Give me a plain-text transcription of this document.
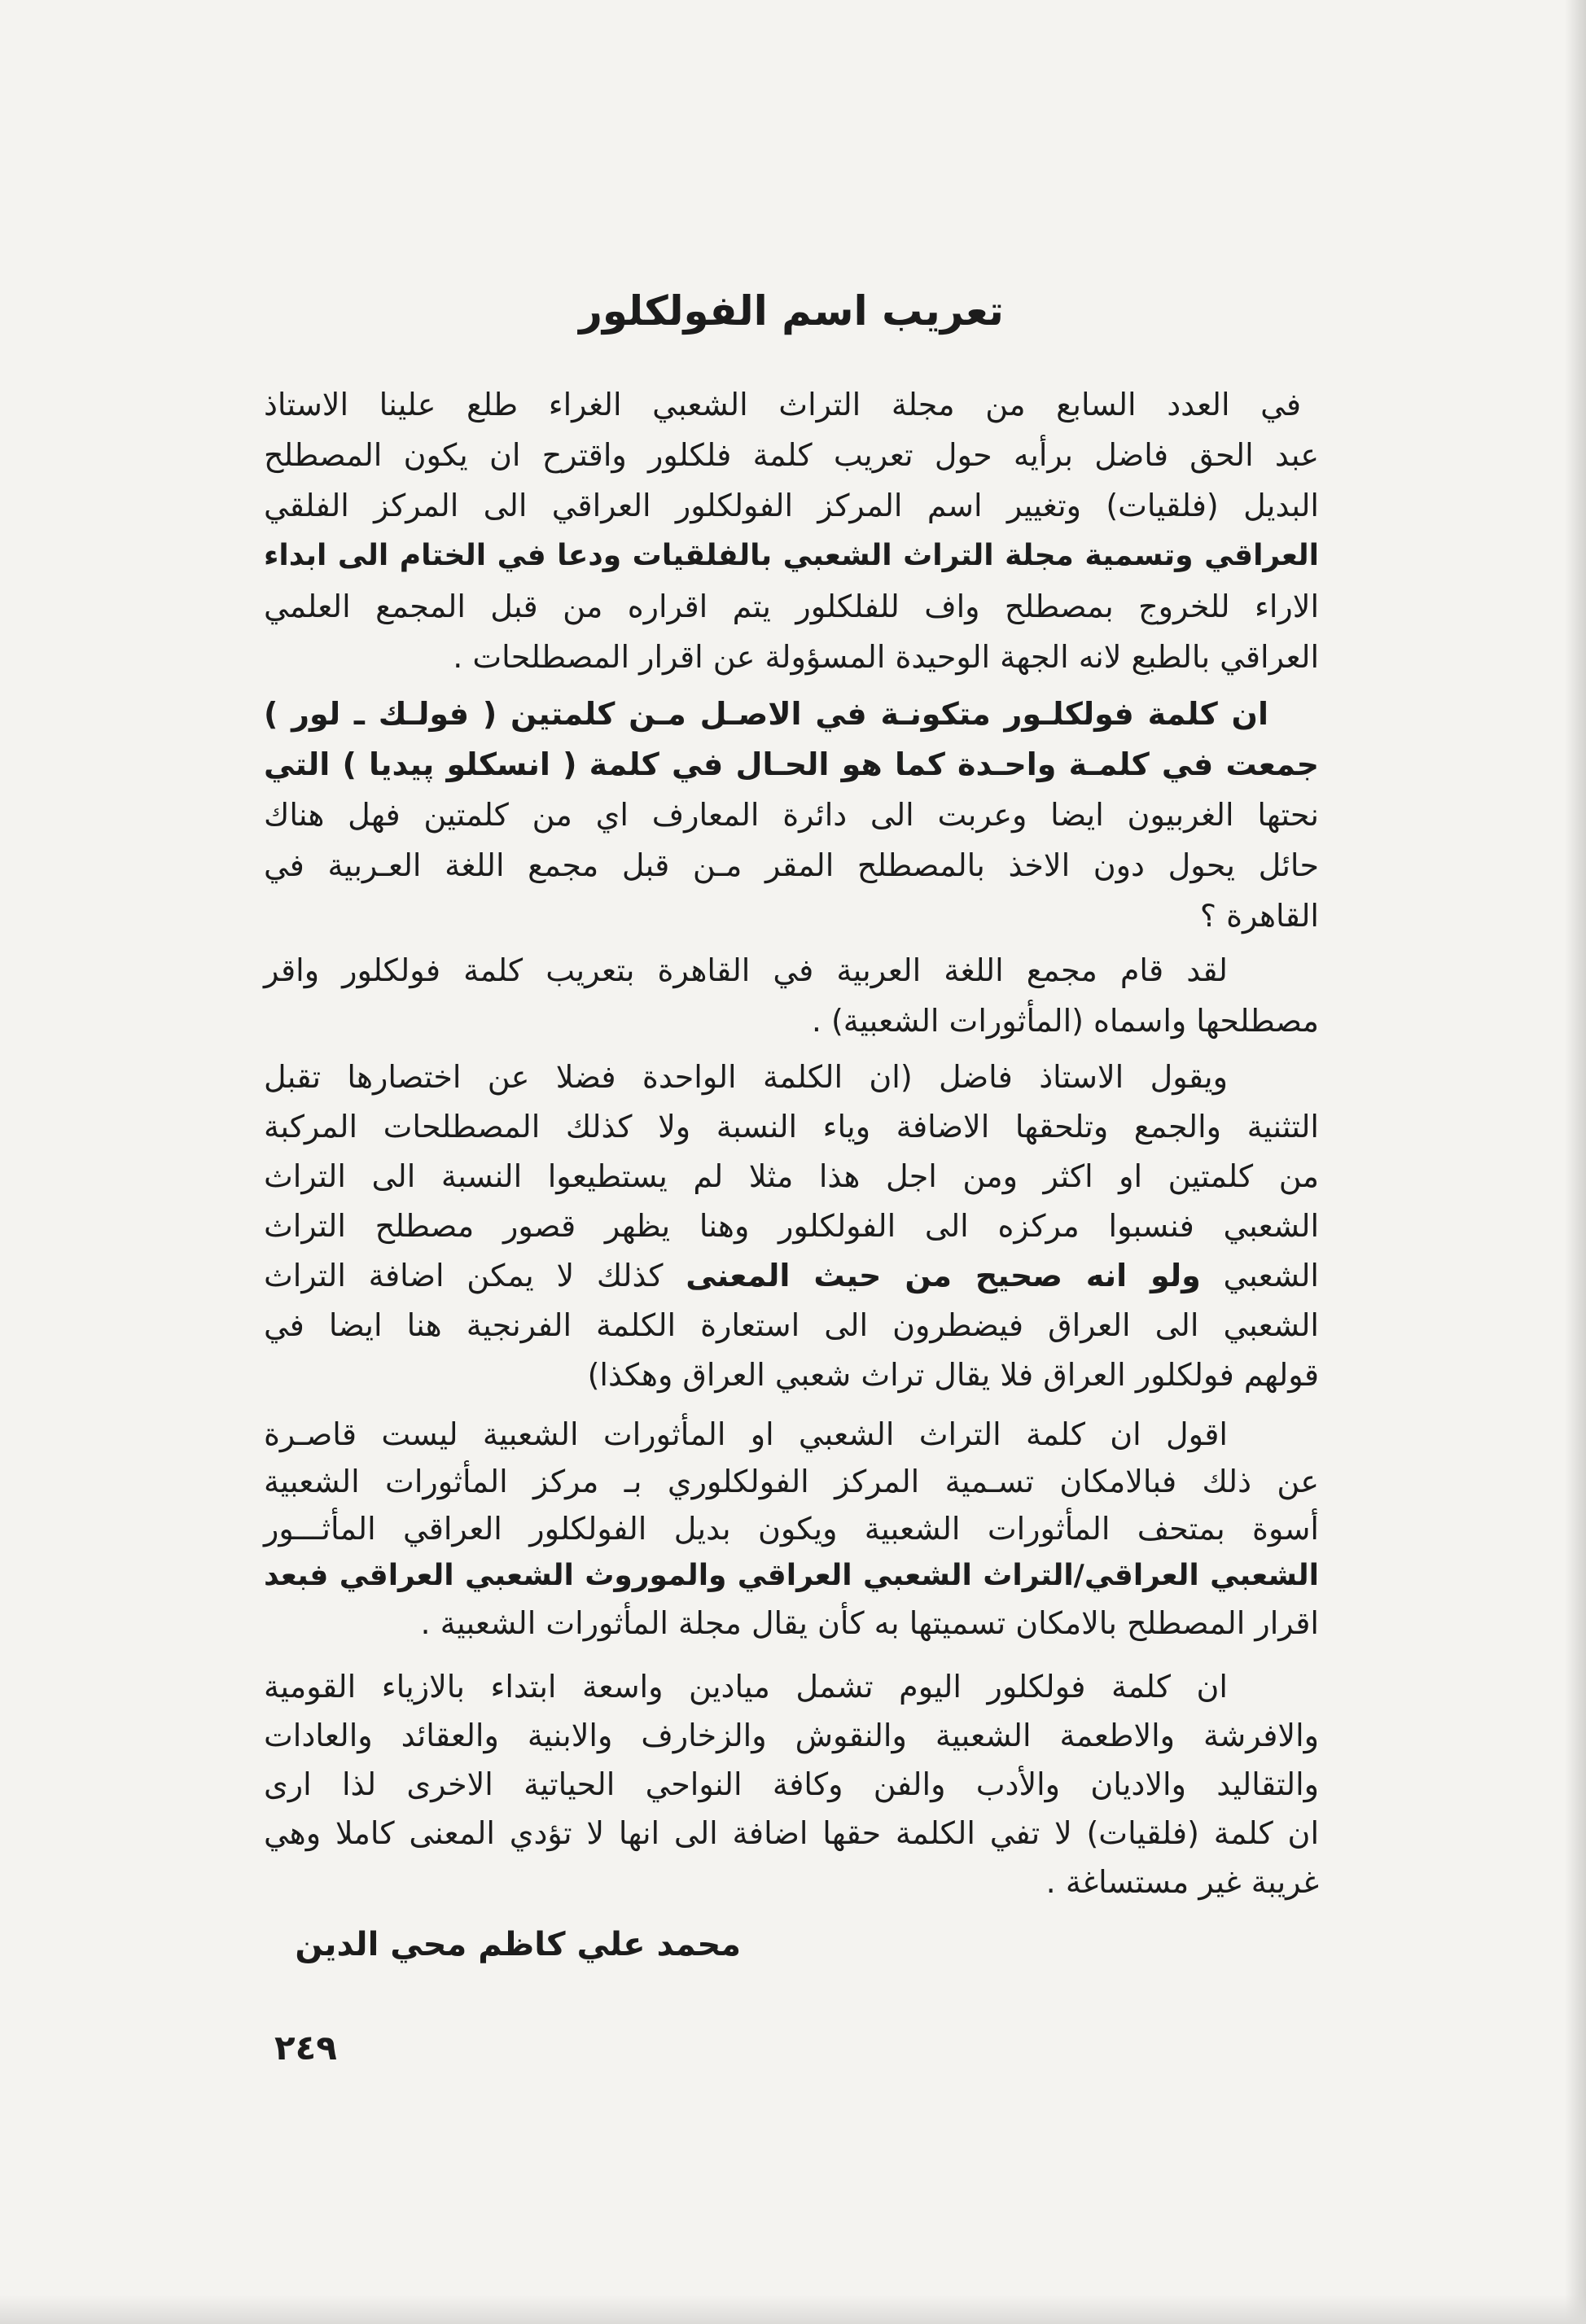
تعريب اسم الفولكلور
في العدد السابع من مجلة التراث الشعبي الغراء طلع علينا الاستاذ
عبد الحق فاضل برأيه حول تعريب كلمة فلكلور واقترح ان يكون المصطلح
البديل (فلقيات) وتغيير اسم المركز الفولكلور العراقي الى المركز الفلقي
العراقي وتسمية مجلة التراث الشعبي بالفلقيات ودعا في الختام الى ابداء
الاراء للخروج بمصطلح واف للفلكلور يتم اقراره من قبل المجمع العلمي
العراقي بالطبع لانه الجهة الوحيدة المسؤولة عن اقرار المصطلحات .
ان كلمة فولكلـور متكونـة في الاصـل مـن كلمتين ( فولـك ـ لور )
جمعت في كلمـة واحـدة كما هو الحـال في كلمة ( انسكلو پيديا ) التي
نحتها الغربيون ايضا وعربت الى دائرة المعارف اي من كلمتين فهل هناك
حائل يحول دون الاخذ بالمصطلح المقر مـن قبل مجمع اللغة العـربية في
القاهرة ؟
لقد قام مجمع اللغة العربية في القاهرة بتعريب كلمة فولكلور واقر
مصطلحها واسماه (المأثورات الشعبية) .
ويقول الاستاذ فاضل (ان الكلمة الواحدة فضلا عن اختصارها تقبل
التثنية والجمع وتلحقها الاضافة وياء النسبة ولا كذلك المصطلحات المركبة
من كلمتين او اكثر ومن اجل هذا مثلا لم يستطيعوا النسبة الى التراث
الشعبي فنسبوا مركزه الى الفولكلور وهنا يظهر قصور مصطلح التراث
الشعبي ولو انه صحيح من حيث المعنى كذلك لا يمكن اضافة التراث
الشعبي الى العراق فيضطرون الى استعارة الكلمة الفرنجية هنا ايضا في
قولهم فولكلور العراق فلا يقال تراث شعبي العراق وهكذا)
اقول ان كلمة التراث الشعبي او المأثورات الشعبية ليست قاصـرة
عن ذلك فبالامكان تسـمية المركز الفولكلوري بـ مركز المأثورات الشعبية
أسوة بمتحف المأثورات الشعبية ويكون بديل الفولكلور العراقي المأثـــور
الشعبي العراقي/التراث الشعبي العراقي والموروث الشعبي العراقي فبعد
اقرار المصطلح بالامكان تسميتها به كأن يقال مجلة المأثورات الشعبية .
ان كلمة فولكلور اليوم تشمل ميادين واسعة ابتداء بالازياء القومية
والافرشة والاطعمة الشعبية والنقوش والزخارف والابنية والعقائد والعادات
والتقاليد والاديان والأدب والفن وكافة النواحي الحياتية الاخرى لذا ارى
ان كلمة (فلقيات) لا تفي الكلمة حقها اضافة الى انها لا تؤدي المعنى كاملا وهي
غريبة غير مستساغة .
محمد علي كاظم محي الدين
٢٤٩
